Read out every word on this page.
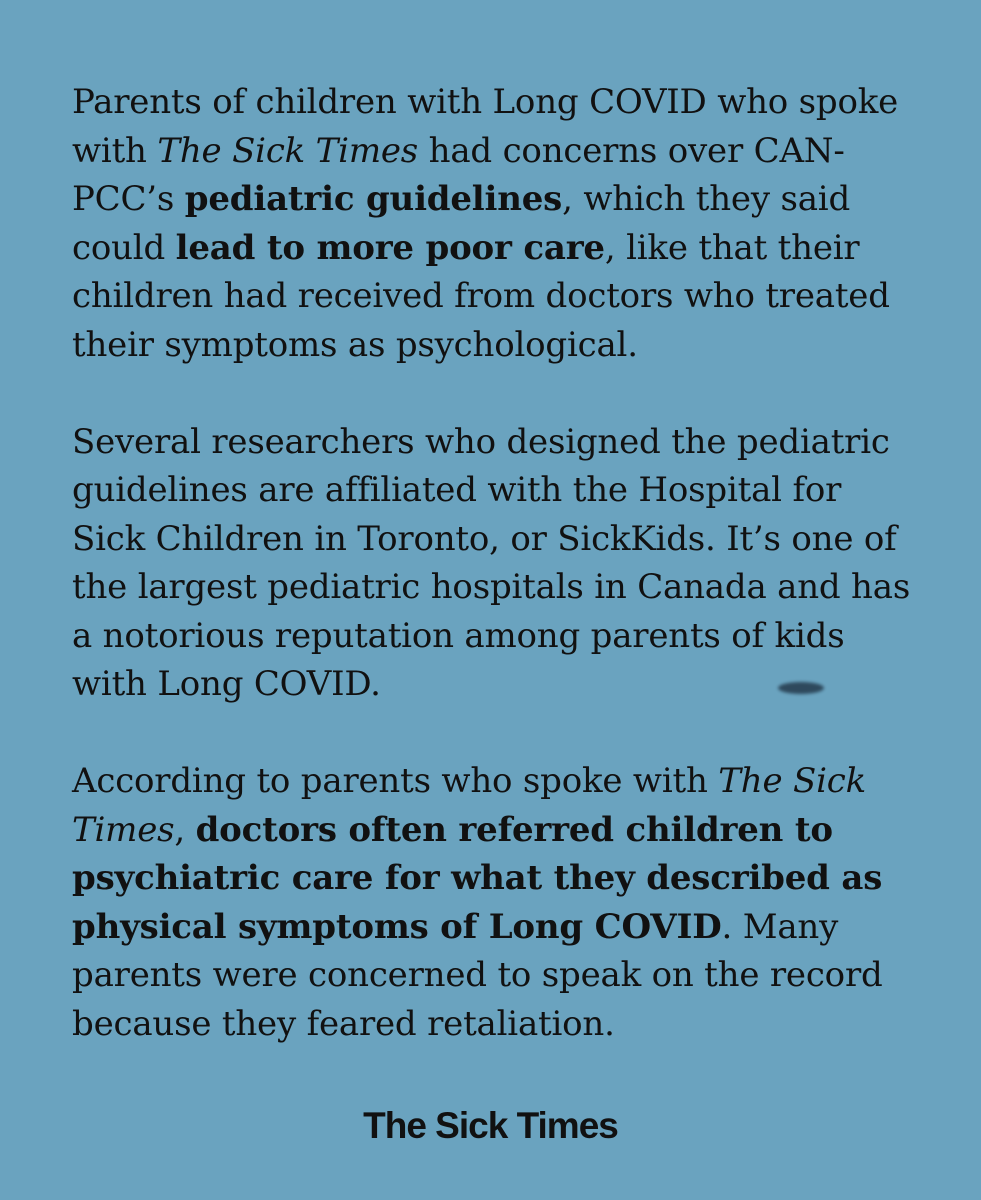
Parents of children with Long COVID who spoke with The Sick Times had concerns over CAN-PCC’s pediatric guidelines, which they said could lead to more poor care, like that their children had received from doctors who treated their symptoms as psychological.

Several researchers who designed the pediatric guidelines are affiliated with the Hospital for Sick Children in Toronto, or SickKids. It’s one of the largest pediatric hospitals in Canada and has a notorious reputation among parents of kids with Long COVID.

According to parents who spoke with The Sick Times, doctors often referred children to psychiatric care for what they described as physical symptoms of Long COVID. Many parents were concerned to speak on the record because they feared retaliation.

The Sick Times
